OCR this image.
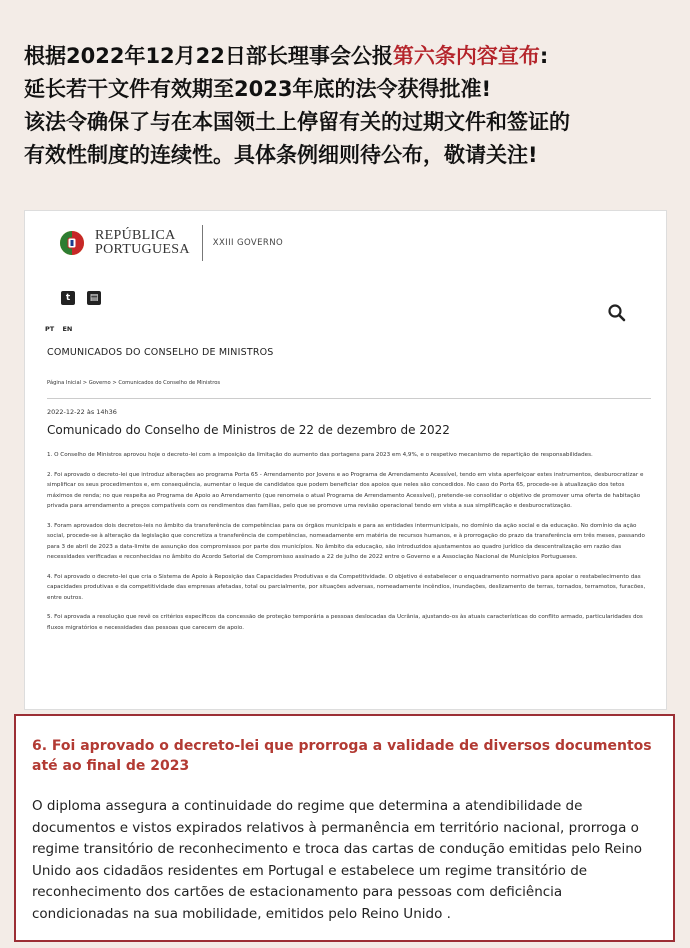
根据2022年12月22日部长理事会公报第六条内容宣布:
延长若干文件有效期至2023年底的法令获得批准!
该法令确保了与在本国领土上停留有关的过期文件和签证的
有效性制度的连续性。具体条例细则待公布，敬请关注!
REPÚBLICA
PORTUGUESA	XXIII GOVERNO
t	▤
PT EN
COMUNICADOS DO CONSELHO DE MINISTROS
Página Inicial > Governo > Comunicados do Conselho de Ministros
2022-12-22 às 14h36
Comunicado do Conselho de Ministros de 22 de dezembro de 2022

1. O Conselho de Ministros aprovou hoje o decreto-lei com a imposição da limitação do aumento das portagens para 2023 em 4,9%, e o respetivo mecanismo de repartição de responsabilidades.

2. Foi aprovado o decreto-lei que introduz alterações ao programa Porta 65 - Arrendamento por Jovens e ao Programa de Arrendamento Acessível, tendo em vista aperfeiçoar estes instrumentos, desburocratizar e simplificar os seus procedimentos e, em consequência, aumentar o leque de candidatos que podem beneficiar dos apoios que neles são concedidos. No caso do Porta 65, procede-se à atualização dos tetos máximos de renda; no que respeita ao Programa de Apoio ao Arrendamento (que renomeia o atual Programa de Arrendamento Acessível), pretende-se consolidar o objetivo de promover uma oferta de habitação privada para arrendamento a preços compatíveis com os rendimentos das famílias, pelo que se promove uma revisão operacional tendo em vista a sua simplificação e desburocratização.

3. Foram aprovados dois decretos-leis no âmbito da transferência de competências para os órgãos municipais e para as entidades intermunicipais, no domínio da ação social e da educação. No domínio da ação social, procede-se à alteração da legislação que concretiza a transferência de competências, nomeadamente em matéria de recursos humanos, e à prorrogação do prazo da transferência em três meses, passando para 3 de abril de 2023 a data-limite de assunção dos compromissos por parte dos municípios. No âmbito da educação, são introduzidos ajustamentos ao quadro jurídico da descentralização em razão das necessidades verificadas e reconhecidas no âmbito do Acordo Setorial de Compromisso assinado a 22 de julho de 2022 entre o Governo e a Associação Nacional de Municípios Portugueses.

4. Foi aprovado o decreto-lei que cria o Sistema de Apoio à Reposição das Capacidades Produtivas e da Competitividade. O objetivo é estabelecer o enquadramento normativo para apoiar o restabelecimento das capacidades produtivas e da competitividade das empresas afetadas, total ou parcialmente, por situações adversas, nomeadamente incêndios, inundações, deslizamento de terras, tornados, terramotos, furacões, entre outros.

5. Foi aprovada a resolução que revê os critérios específicos da concessão de proteção temporária a pessoas deslocadas da Ucrânia, ajustando-os às atuais características do conflito armado, particularidades dos fluxos migratórios e necessidades das pessoas que carecem de apoio.

6. Foi aprovado o decreto-lei que prorroga a validade de diversos documentos até ao final de 2023
O diploma assegura a continuidade do regime que determina a atendibilidade de documentos e vistos expirados relativos à permanência em território nacional, prorroga o regime transitório de reconhecimento e troca das cartas de condução emitidas pelo Reino Unido aos cidadãos residentes em Portugal e estabelece um regime transitório de reconhecimento dos cartões de estacionamento para pessoas com deficiência condicionadas na sua mobilidade, emitidos pelo Reino Unido .
